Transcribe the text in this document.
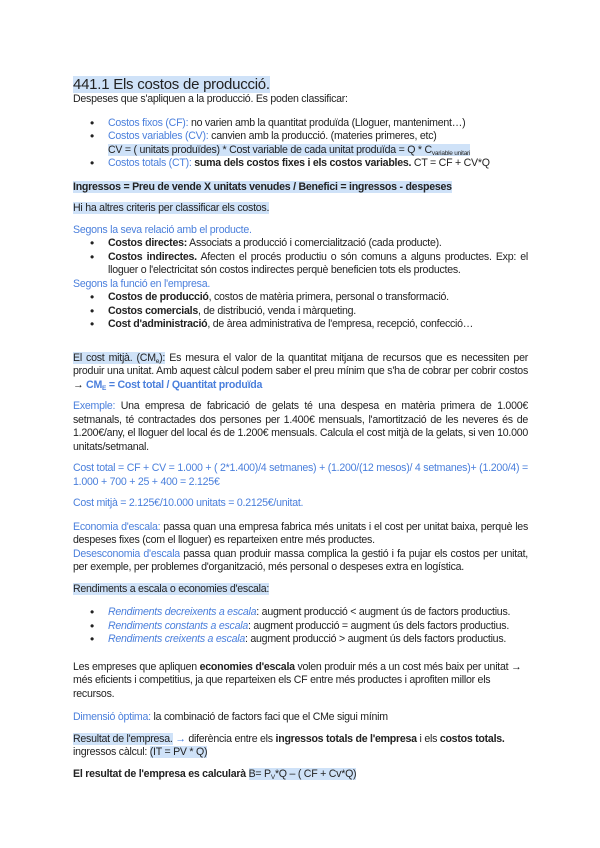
441.1 Els costos de producció.
Despeses que s'apliquen a la producció. Es poden classificar:
• Costos fixos (CF): no varien amb la quantitat produïda (Lloguer, manteniment…)
• Costos variables (CV): canvien amb la producció. (materies primeres, etc)
CV = ( unitats produïdes) * Cost variable de cada unitat produïda = Q * $C_{variable unitari}$
• Costos totals (CT): suma dels costos fixes i els costos variables. CT = CF + CV*Q
Ingressos = Preu de vende X unitats venudes / Benefici = ingressos - despeses
Hi ha altres criteris per classificar els costos.
Segons la seva relació amb el producte.
• Costos directes: Associats a producció i comercialització (cada producte).
• Costos indirectes. Afecten el procés productiu o són comuns a alguns productes. Exp: el lloguer o l'electricitat són costos indirectes perquè beneficien tots els productes.
Segons la funció en l'empresa.
• Costos de producció, costos de matèria primera, personal o transformació.
• Costos comercials, de distribució, venda i màrqueting.
• Cost d'administració, de àrea administrativa de l'empresa, recepció, confecció…
El cost mitjà. $(CM_e)$: Es mesura el valor de la quantitat mitjana de recursos que es necessiten per produir una unitat. Amb aquest càlcul podem saber el preu mínim que s'ha de cobrar per cobrir costos → $CM_E$ = Cost total / Quantitat produïda
Exemple: Una empresa de fabricació de gelats té una despesa en matèria primera de 1.000€ setmanals, té contractades dos persones per 1.400€ mensuals, l'amortització de les neveres és de 1.200€/any, el lloguer del local és de 1.200€ mensuals. Calcula el cost mitjà de la gelats, si ven 10.000 unitats/setmanal.
Cost total = CF + CV = 1.000 + ( 2*1.400)/4 setmanes) + (1.200/(12 mesos)/ 4 setmanes)+ (1.200/4) = 1.000 + 700 + 25 + 400 = 2.125€
Cost mitjà = 2.125€/10.000 unitats = 0.2125€/unitat.
Economia d'escala: passa quan una empresa fabrica més unitats i el cost per unitat baixa, perquè les despeses fixes (com el lloguer) es reparteixen entre més productes.
Desesconomia d'escala passa quan produir massa complica la gestió i fa pujar els costos per unitat, per exemple, per problemes d'organització, més personal o despeses extra en logística.
Rendiments a escala o economies d'escala:
• Rendiments decreixents a escala: augment producció < augment ús de factors productius.
• Rendiments constants a escala: augment producció = augment ús dels factors productius.
• Rendiments creixents a escala: augment producció > augment ús dels factors productius.
Les empreses que apliquen economies d'escala volen produir més a un cost més baix per unitat → més eficients i competitius, ja que reparteixen els CF entre més productes i aprofiten millor els recursos.
Dimensió òptima: la combinació de factors faci que el CMe sigui mínim
Resultat de l'empresa. → diferència entre els ingressos totals de l'empresa i els costos totals.
ingressos càlcul: (IT = PV * Q)
El resultat de l'empresa es calcularà $B= P_V*Q$ – ( CF + Cv*Q)
